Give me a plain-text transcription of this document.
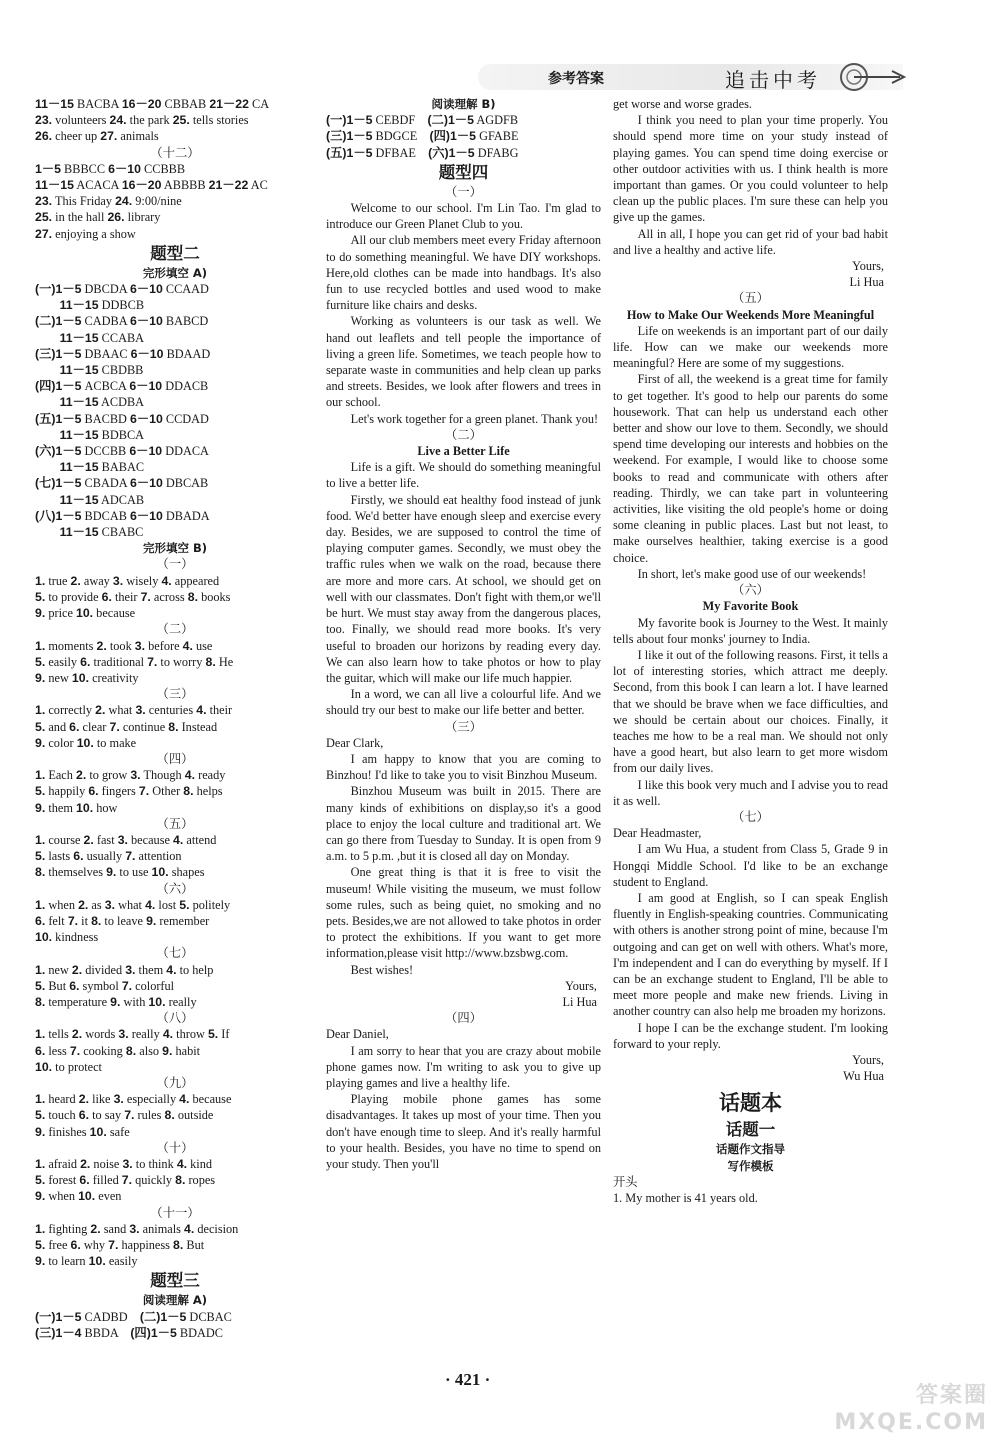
参考答案	追击中考
11－15 BACBA 16－20 CBBAB 21－22 CA
23. volunteers 24. the park 25. tells stories
26. cheer up 27. animals
（十二）
1－5 BBBCC 6－10 CCBBB
11－15 ACACA 16－20 ABBBB 21－22 AC
23. This Friday 24. 9:00/nine
25. in the hall 26. library
27. enjoying a show
题型二
完形填空 A)
(一)1－5 DBCDA 6－10 CCAAD
　　11－15 DDBCB
(二)1－5 CADBA 6－10 BABCD
　　11－15 CCABA
(三)1－5 DBAAC 6－10 BDAAD
　　11－15 CBDBB
(四)1－5 ACBCA 6－10 DDACB
　　11－15 ACDBA
(五)1－5 BACBD 6－10 CCDAD
　　11－15 BDBCA
(六)1－5 DCCBB 6－10 DDACA
　　11－15 BABAC
(七)1－5 CBADA 6－10 DBCAB
　　11－15 ADCAB
(八)1－5 BDCAB 6－10 DBADA
　　11－15 CBABC
完形填空 B)
（一）
1. true 2. away 3. wisely 4. appeared
5. to provide 6. their 7. across 8. books
9. price 10. because
（二）
1. moments 2. took 3. before 4. use
5. easily 6. traditional 7. to worry 8. He
9. new 10. creativity
（三）
1. correctly 2. what 3. centuries 4. their
5. and 6. clear 7. continue 8. Instead
9. color 10. to make
（四）
1. Each 2. to grow 3. Though 4. ready
5. happily 6. fingers 7. Other 8. helps
9. them 10. how
（五）
1. course 2. fast 3. because 4. attend
5. lasts 6. usually 7. attention
8. themselves 9. to use 10. shapes
（六）
1. when 2. as 3. what 4. lost 5. politely
6. felt 7. it 8. to leave 9. remember
10. kindness
（七）
1. new 2. divided 3. them 4. to help
5. But 6. symbol 7. colorful
8. temperature 9. with 10. really
（八）
1. tells 2. words 3. really 4. throw 5. If
6. less 7. cooking 8. also 9. habit
10. to protect
（九）
1. heard 2. like 3. especially 4. because
5. touch 6. to say 7. rules 8. outside
9. finishes 10. safe
（十）
1. afraid 2. noise 3. to think 4. kind
5. forest 6. filled 7. quickly 8. ropes
9. when 10. even
（十一）
1. fighting 2. sand 3. animals 4. decision
5. free 6. why 7. happiness 8. But
9. to learn 10. easily
题型三
阅读理解 A)
(一)1－5 CADBD　(二)1－5 DCBAC
(三)1－4 BBDA　(四)1－5 BDADC
阅读理解 B)
(一)1－5 CEBDF　(二)1－5 AGDFB
(三)1－5 BDGCE　(四)1－5 GFABE
(五)1－5 DFBAE　(六)1－5 DFABG
题型四
（一）
Welcome to our school. I'm Lin Tao. I'm glad to introduce our Green Planet Club to you.
All our club members meet every Friday afternoon to do something meaningful. We have DIY workshops. Here,old clothes can be made into handbags. It's also fun to use recycled bottles and used wood to make furniture like chairs and desks.
Working as volunteers is our task as well. We hand out leaflets and tell people the importance of living a green life. Sometimes, we teach people how to separate waste in communities and help clean up parks and streets. Besides, we look after flowers and trees in our school.
Let's work together for a green planet. Thank you!
（二）
Live a Better Life
Life is a gift. We should do something meaningful to live a better life.
Firstly, we should eat healthy food instead of junk food. We'd better have enough sleep and exercise every day. Besides, we are supposed to control the time of playing computer games. Secondly, we must obey the traffic rules when we walk on the road, because there are more and more cars. At school, we should get on well with our classmates. Don't fight with them,or we'll be hurt. We must stay away from the dangerous places, too. Finally, we should read more books. It's very useful to broaden our horizons by reading every day. We can also learn how to take photos or how to play the guitar, which will make our life much happier.
In a word, we can all live a colourful life. And we should try our best to make our life better and better.
（三）
Dear Clark,
I am happy to know that you are coming to Binzhou! I'd like to take you to visit Binzhou Museum.
Binzhou Museum was built in 2015. There are many kinds of exhibitions on display,so it's a good place to enjoy the local culture and traditional art. We can go there from Tuesday to Sunday. It is open from 9 a.m. to 5 p.m. ,but it is closed all day on Monday.
One great thing is that it is free to visit the museum! While visiting the museum, we must follow some rules, such as being quiet, no smoking and no pets. Besides,we are not allowed to take photos in order to protect the exhibitions. If you want to get more information,please visit http://www.bzsbwg.com.
Best wishes!
Yours,
Li Hua
（四）
Dear Daniel,
I am sorry to hear that you are crazy about mobile phone games now. I'm writing to ask you to give up playing games and live a healthy life.
Playing mobile phone games has some disadvantages. It takes up most of your time. Then you don't have enough time to sleep. And it's really harmful to your health. Besides, you have no time to spend on your study. Then you'll
get worse and worse grades.
I think you need to plan your time properly. You should spend more time on your study instead of playing games. You can spend time doing exercise or other outdoor activities with us. I think health is more important than games. Or you could volunteer to help clean up the public places. I'm sure these can help you give up the games.
All in all, I hope you can get rid of your bad habit and live a healthy and active life.
Yours,
Li Hua
（五）
How to Make Our Weekends More Meaningful
Life on weekends is an important part of our daily life. How can we make our weekends more meaningful? Here are some of my suggestions.
First of all, the weekend is a great time for family to get together. It's good to help our parents do some housework. That can help us understand each other better and show our love to them. Secondly, we should spend time developing our interests and hobbies on the weekend. For example, I would like to choose some books to read and communicate with others after reading. Thirdly, we can take part in volunteering activities, like visiting the old people's home or doing some cleaning in public places. Last but not least, to make ourselves healthier, taking exercise is a good choice.
In short, let's make good use of our weekends!
（六）
My Favorite Book
My favorite book is Journey to the West. It mainly tells about four monks' journey to India.
I like it out of the following reasons. First, it tells a lot of interesting stories, which attract me deeply. Second, from this book I can learn a lot. I have learned that we should be brave when we face difficulties, and we should be certain about our choices. Finally, it teaches me how to be a real man. We should not only have a good heart, but also learn to get more wisdom from our daily lives.
I like this book very much and I advise you to read it as well.
（七）
Dear Headmaster,
I am Wu Hua, a student from Class 5, Grade 9 in Hongqi Middle School. I'd like to be an exchange student to England.
I am good at English, so I can speak English fluently in English-speaking countries. Communicating with others is another strong point of mine, because I'm outgoing and can get on well with others. What's more, I'm independent and I can do everything by myself. If I can be an exchange student to England, I'll be able to meet more people and make new friends. Living in another country can also help me broaden my horizons.
I hope I can be the exchange student. I'm looking forward to your reply.
Yours,
Wu Hua
话题本
话题一
话题作文指导
写作模板
开头
1. My mother is 41 years old.
· 421 ·
答案圈
MXQE.COM
